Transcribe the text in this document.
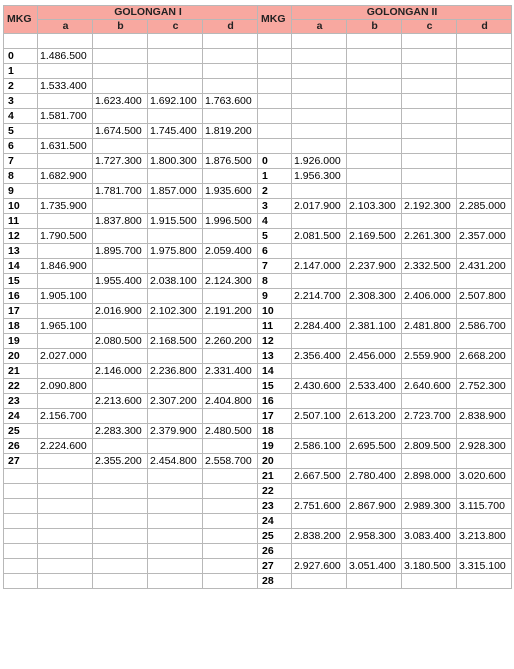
MKG	GOLONGAN I				MKG	GOLONGAN II			
	a	b	c	d		a	b	c	d

0	1.486.500								
1									
2	1.533.400								
3		1.623.400	1.692.100	1.763.600					
4	1.581.700								
5		1.674.500	1.745.400	1.819.200					
6	1.631.500								
7		1.727.300	1.800.300	1.876.500	0	1.926.000			
8	1.682.900				1	1.956.300			
9		1.781.700	1.857.000	1.935.600	2				
10	1.735.900				3	2.017.900	2.103.300	2.192.300	2.285.000
11		1.837.800	1.915.500	1.996.500	4				
12	1.790.500				5	2.081.500	2.169.500	2.261.300	2.357.000
13		1.895.700	1.975.800	2.059.400	6				
14	1.846.900				7	2.147.000	2.237.900	2.332.500	2.431.200
15		1.955.400	2.038.100	2.124.300	8				
16	1.905.100				9	2.214.700	2.308.300	2.406.000	2.507.800
17		2.016.900	2.102.300	2.191.200	10				
18	1.965.100				11	2.284.400	2.381.100	2.481.800	2.586.700
19		2.080.500	2.168.500	2.260.200	12				
20	2.027.000				13	2.356.400	2.456.000	2.559.900	2.668.200
21		2.146.000	2.236.800	2.331.400	14				
22	2.090.800				15	2.430.600	2.533.400	2.640.600	2.752.300
23		2.213.600	2.307.200	2.404.800	16				
24	2.156.700				17	2.507.100	2.613.200	2.723.700	2.838.900
25		2.283.300	2.379.900	2.480.500	18				
26	2.224.600				19	2.586.100	2.695.500	2.809.500	2.928.300
27		2.355.200	2.454.800	2.558.700	20				
					21	2.667.500	2.780.400	2.898.000	3.020.600
					22				
					23	2.751.600	2.867.900	2.989.300	3.115.700
					24				
					25	2.838.200	2.958.300	3.083.400	3.213.800
					26				
					27	2.927.600	3.051.400	3.180.500	3.315.100
					28				
